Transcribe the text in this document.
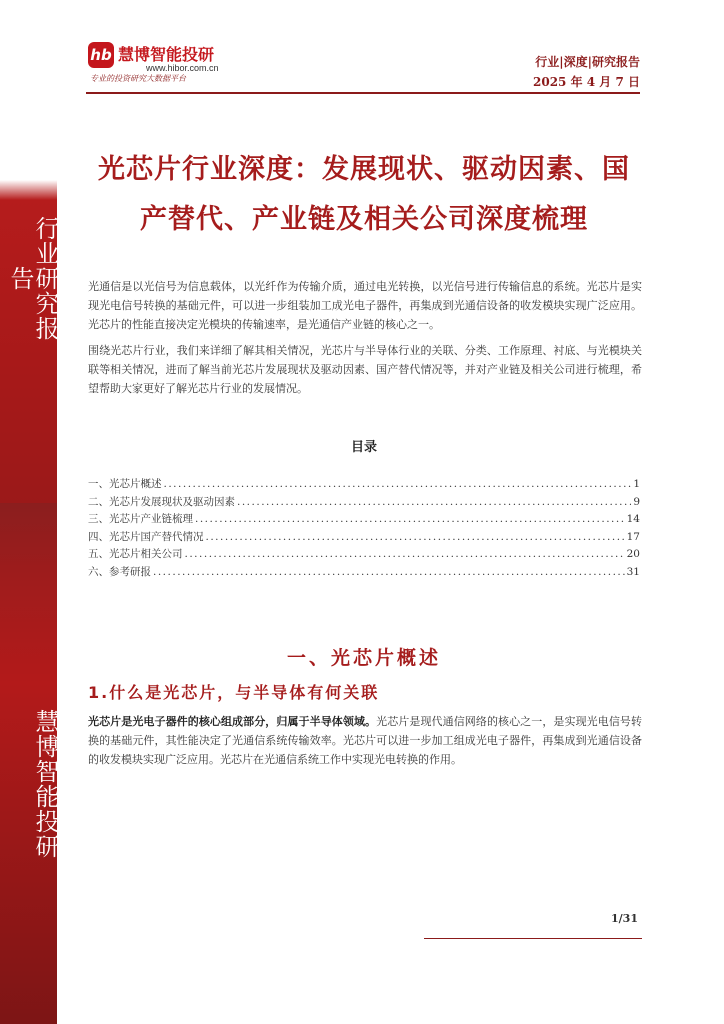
行业研究报告
慧博智能投研
hb 慧博智能投研
www.hibor.com.cn
专业的投资研究大数据平台
行业|深度|研究报告
2025 年 4 月 7 日
光芯片行业深度：发展现状、驱动因素、国
产替代、产业链及相关公司深度梳理
光通信是以光信号为信息载体，以光纤作为传输介质，通过电光转换，以光信号进行传输信息的系统。光芯片是实现光电信号转换的基础元件，可以进一步组装加工成光电子器件，再集成到光通信设备的收发模块实现广泛应用。光芯片的性能直接决定光模块的传输速率，是光通信产业链的核心之一。
围绕光芯片行业，我们来详细了解其相关情况，光芯片与半导体行业的关联、分类、工作原理、衬底、与光模块关联等相关情况，进而了解当前光芯片发展现状及驱动因素、国产替代情况等，并对产业链及相关公司进行梳理，希望帮助大家更好了解光芯片行业的发展情况。
目录
一、光芯片概述 .....	1
二、光芯片发展现状及驱动因素 .....	9
三、光芯片产业链梳理 .....	14
四、光芯片国产替代情况 .....	17
五、光芯片相关公司 .....	20
六、参考研报 .....	31
一、光芯片概述
1.什么是光芯片，与半导体有何关联
光芯片是光电子器件的核心组成部分，归属于半导体领域。光芯片是现代通信网络的核心之一，是实现光电信号转换的基础元件，其性能决定了光通信系统传输效率。光芯片可以进一步加工组成光电子器件，再集成到光通信设备的收发模块实现广泛应用。光芯片在光通信系统工作中实现光电转换的作用。
1/31
